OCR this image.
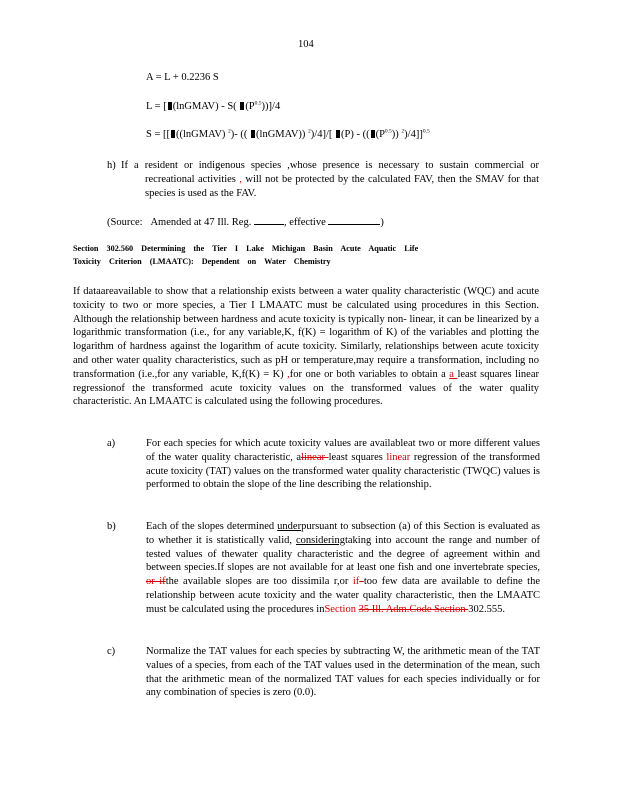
104
A = L + 0.2236 S
L = [ (lnGMAV) - S( $(P^{0.5}))]/4$
S = [[ ((lnGMAV) $^2$)- (( (lnGMAV)) $^2$)/4]/[ (P) - (( $(P^{0.5})$) $^2$)/4]]$^{0.5}$
h) If a resident or indigenous species ,whose presence is necessary to sustain commercial or recreational activities , will not be protected by the calculated FAV, then the SMAV for that species is used as the FAV.
(Source: Amended at 47 Ill. Reg.	, effective	)
Section 302.560 Determining the Tier I Lake Michigan Basin Acute Aquatic Life
Toxicity Criterion (LMAATC): Dependent on Water Chemistry
If dataareavailable to show that a relationship exists between a water quality characteristic (WQC) and acute toxicity to two or more species, a Tier I LMAATC must be calculated using procedures in this Section. Although the relationship between hardness and acute toxicity is typically non- linear, it can be linearized by a logarithmic transformation (i.e., for any variable,K, f(K) = logarithm of K) of the variables and plotting the logarithm of hardness against the logarithm of acute toxicity. Similarly, relationships between acute toxicity and other water quality characteristics, such as pH or temperature,may require a transformation, including no transformation (i.e.,for any variable, K,f(K) = K) ,for one or both variables to obtain a a least squares linear regressionof the transformed acute toxicity values on the transformed values of the water quality characteristic. An LMAATC is calculated using the following procedures.
a)	For each species for which acute toxicity values are availableat two or more different values of the water quality characteristic, alinear least squares linear regression of the transformed acute toxicity (TAT) values on the transformed water quality characteristic (TWQC) values is performed to obtain the slope of the line describing the relationship.
b)	Each of the slopes determined underpursuant to subsection (a) of this Section is evaluated as to whether it is statistically valid, consideringtaking into account the range and number of tested values of thewater quality characteristic and the degree of agreement within and between species.If slopes are not available for at least one fish and one invertebrate species, or ifthe available slopes are too dissimila r,or if too few data are available to define the relationship between acute toxicity and the water quality characteristic, then the LMAATC must be calculated using the procedures inSection 35 Ill. Adm.Code Section 302.555.
c)	Normalize the TAT values for each species by subtracting W, the arithmetic mean of the TAT values of a species, from each of the TAT values used in the determination of the mean, such that the arithmetic mean of the normalized TAT values for each species individually or for any combination of species is zero (0.0).
